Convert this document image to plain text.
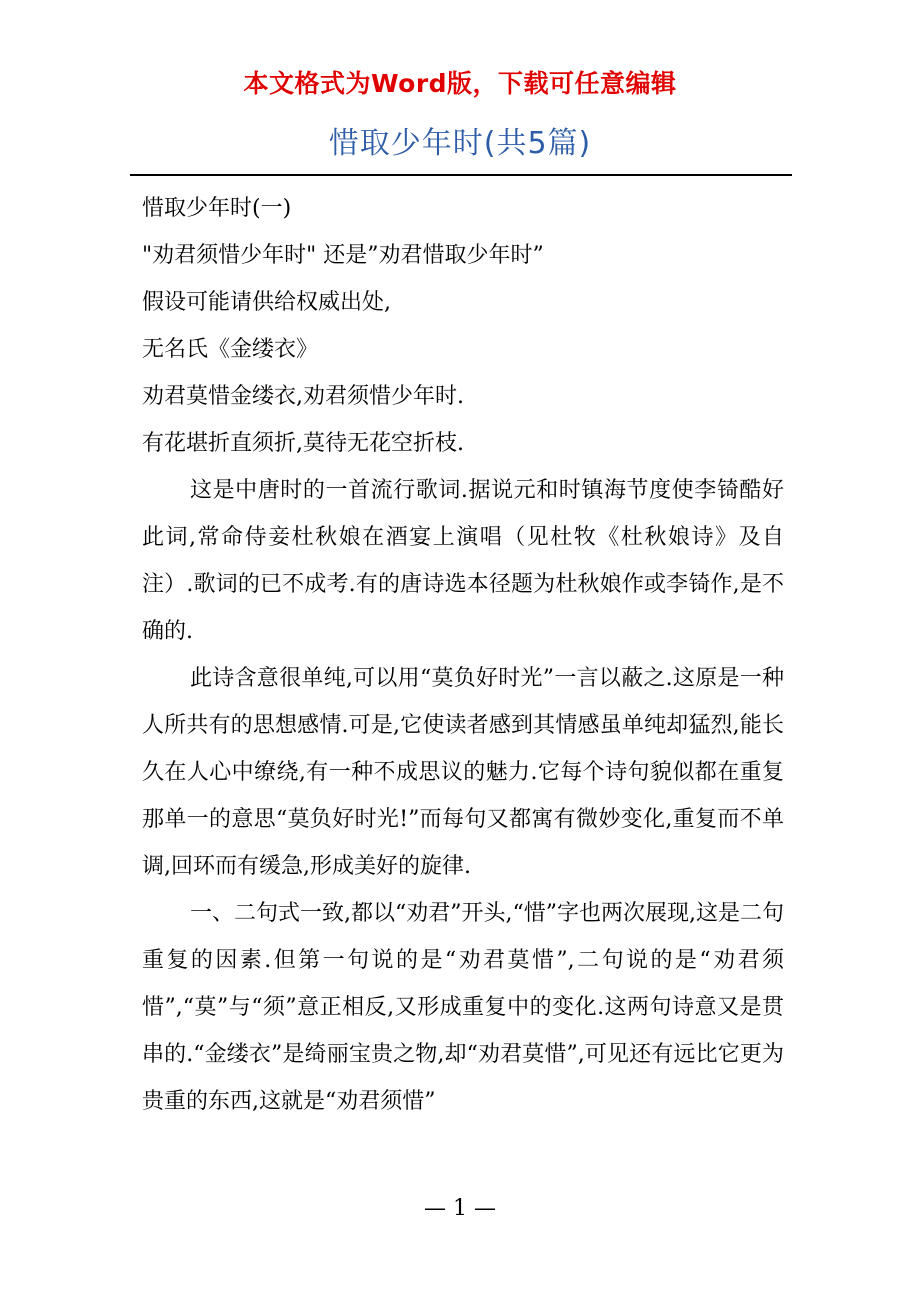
本文格式为Word版，下载可任意编辑
惜取少年时(共5篇)

惜取少年时(一)

"劝君须惜少年时" 还是”劝君惜取少年时”

假设可能请供给权威出处,

无名氏《金缕衣》

劝君莫惜金缕衣,劝君须惜少年时.

有花堪折直须折,莫待无花空折枝.

这是中唐时的一首流行歌词.据说元和时镇海节度使李锜酷好此词,常命侍妾杜秋娘在酒宴上演唱（见杜牧《杜秋娘诗》及自注）.歌词的已不成考.有的唐诗选本径题为杜秋娘作或李锜作,是不确的.

此诗含意很单纯,可以用“莫负好时光”一言以蔽之.这原是一种人所共有的思想感情.可是,它使读者感到其情感虽单纯却猛烈,能长久在人心中缭绕,有一种不成思议的魅力.它每个诗句貌似都在重复那单一的意思“莫负好时光!”而每句又都寓有微妙变化,重复而不单调,回环而有缓急,形成美好的旋律.

一、二句式一致,都以“劝君”开头,“惜”字也两次展现,这是二句重复的因素.但第一句说的是“劝君莫惜”,二句说的是“劝君须惜”,“莫”与“须”意正相反,又形成重复中的变化.这两句诗意又是贯串的.“金缕衣”是绮丽宝贵之物,却“劝君莫惜”,可见还有远比它更为贵重的东西,这就是“劝君须惜”

— 1 —
